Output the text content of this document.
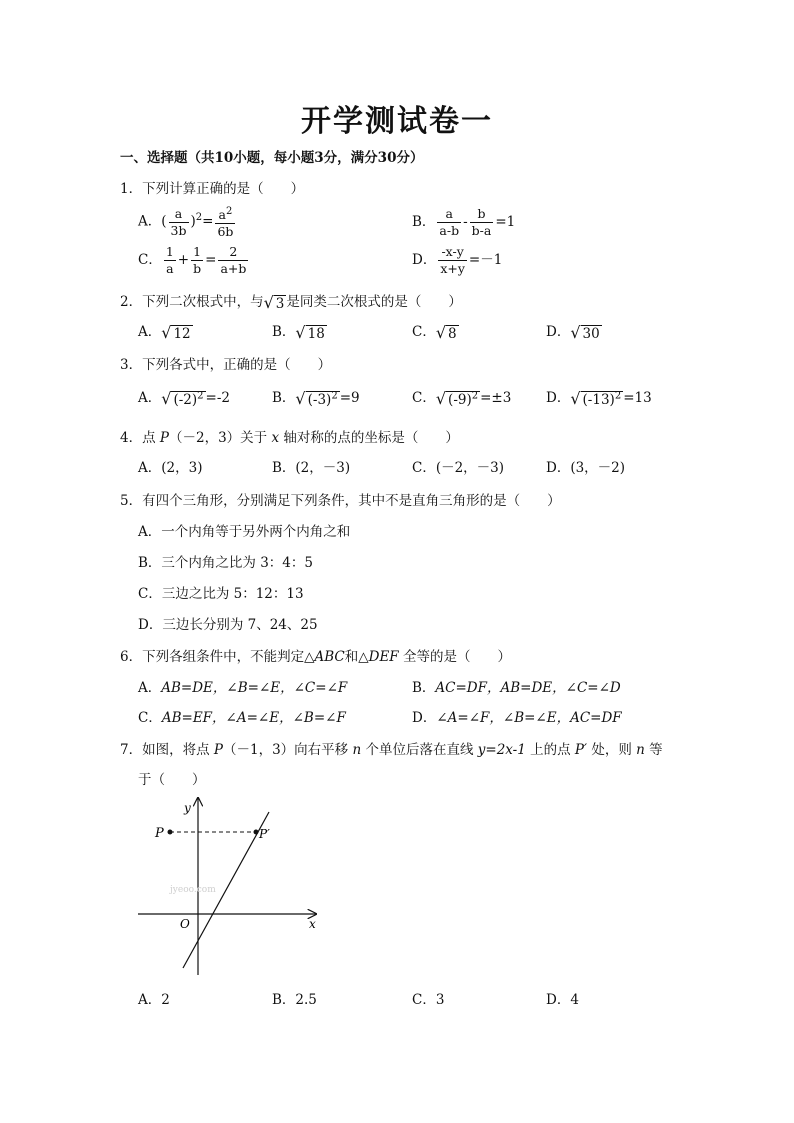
开学测试卷一
一、选择题（共10小题，每小题3分，满分30分）
1．下列计算正确的是（　　）
A．( $\frac{a}{3b} )^2= \frac{a^2}{6b}$	B． $\frac{a}{a-b} - \frac{b}{b-a} =1$
C． $\frac{1}{a} + \frac{1}{b} = \frac{2}{a+b}$	D． $\frac{-x-y}{x+y} =-1$
2．下列二次根式中，与√ 3 是同类二次根式的是（　　）
A．√ 12	B．√ 18	C．√ 8	D．√ 30
3．下列各式中，正确的是（　　）
A．√ $(-2)^2 =-2$	B．√ $(-3)^2 =9$	C．√ $(-9)^2 =\pm 3$	D．√ $(-13)^2 =13$
4．点 P（－2，3）关于 x 轴对称的点的坐标是（　　）
A．(2，3)	B．(2，－3)	C．(－2，－3)	D．(3，－2)
5．有四个三角形，分别满足下列条件，其中不是直角三角形的是（　　）
A．一个内角等于另外两个内角之和
B．三个内角之比为 3：4：5
C．三边之比为 5：12：13
D．三边长分别为 7、24、25
6．下列各组条件中，不能判定△ABC和△DEF 全等的是（　　）
A．AB=DE，∠B=∠E，∠C=∠F	B．AC=DF，AB=DE，∠C=∠D
C．AB=EF，∠A=∠E，∠B=∠F	D．∠A=∠F，∠B=∠E，AC=DF
7．如图，将点 P（－1，3）向右平移 n 个单位后落在直线 y=2x-1 上的点 P′ 处，则 n 等
于（　　）
P	P′
y
x
O
jyeoo.com
A．2	B．2.5	C．3	D．4
